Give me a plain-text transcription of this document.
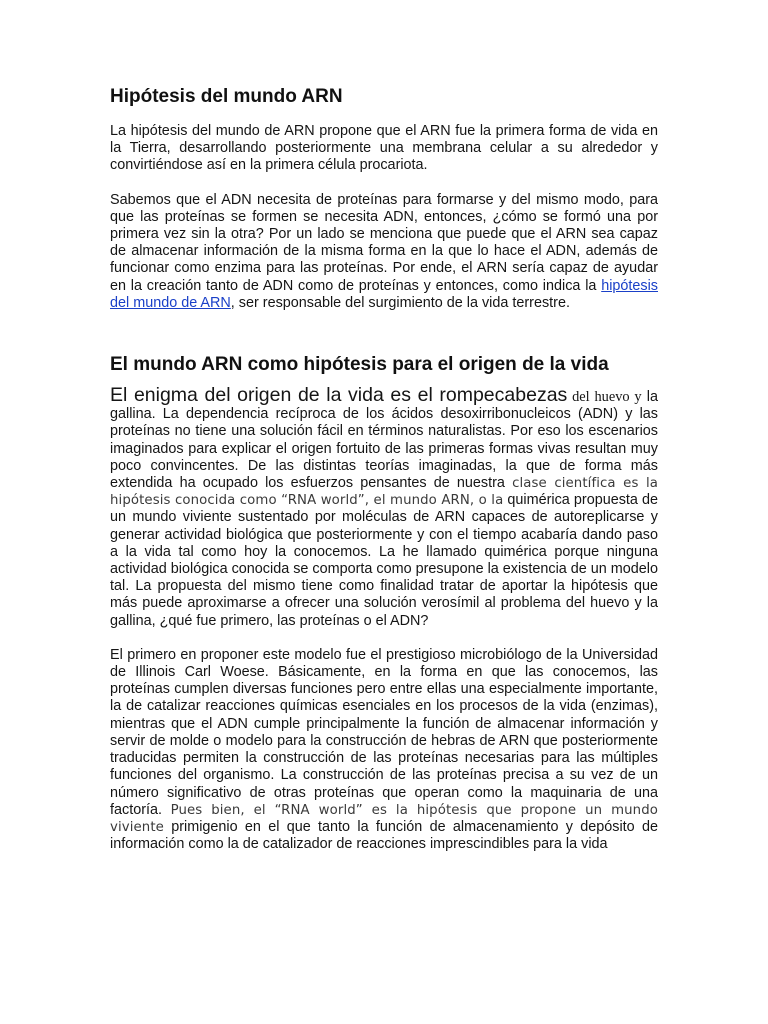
Hipótesis del mundo ARN

La hipótesis del mundo de ARN propone que el ARN fue la primera forma de vida en la Tierra, desarrollando posteriormente una membrana celular a su alrededor y convirtiéndose así en la primera célula procariota.

Sabemos que el ADN necesita de proteínas para formarse y del mismo modo, para que las proteínas se formen se necesita ADN, entonces, ¿cómo se formó una por primera vez sin la otra? Por un lado se menciona que puede que el ARN sea capaz de almacenar información de la misma forma en la que lo hace el ADN, además de funcionar como enzima para las proteínas. Por ende, el ARN sería capaz de ayudar en la creación tanto de ADN como de proteínas y entonces, como indica la hipótesis del mundo de ARN, ser responsable del surgimiento de la vida terrestre.

El mundo ARN como hipótesis para el origen de la vida

El enigma del origen de la vida es el rompecabezas del huevo y la gallina. La dependencia recíproca de los ácidos desoxirribonucleicos (ADN) y las proteínas no tiene una solución fácil en términos naturalistas. Por eso los escenarios imaginados para explicar el origen fortuito de las primeras formas vivas resultan muy poco convincentes. De las distintas teorías imaginadas, la que de forma más extendida ha ocupado los esfuerzos pensantes de nuestra clase científica es la hipótesis conocida como “RNA world”, el mundo ARN, o la quimérica propuesta de un mundo viviente sustentado por moléculas de ARN capaces de autoreplicarse y generar actividad biológica que posteriormente y con el tiempo acabaría dando paso a la vida tal como hoy la conocemos. La he llamado quimérica porque ninguna actividad biológica conocida se comporta como presupone la existencia de un modelo tal. La propuesta del mismo tiene como finalidad tratar de aportar la hipótesis que más puede aproximarse a ofrecer una solución verosímil al problema del huevo y la gallina, ¿qué fue primero, las proteínas o el ADN?

El primero en proponer este modelo fue el prestigioso microbiólogo de la Universidad de Illinois Carl Woese. Básicamente, en la forma en que las conocemos, las proteínas cumplen diversas funciones pero entre ellas una especialmente importante, la de catalizar reacciones químicas esenciales en los procesos de la vida (enzimas), mientras que el ADN cumple principalmente la función de almacenar información y servir de molde o modelo para la construcción de hebras de ARN que posteriormente traducidas permiten la construcción de las proteínas necesarias para las múltiples funciones del organismo. La construcción de las proteínas precisa a su vez de un número significativo de otras proteínas que operan como la maquinaria de una factoría. Pues bien, el “RNA world” es la hipótesis que propone un mundo viviente primigenio en el que tanto la función de almacenamiento y depósito de información como la de catalizador de reacciones imprescindibles para la vida
